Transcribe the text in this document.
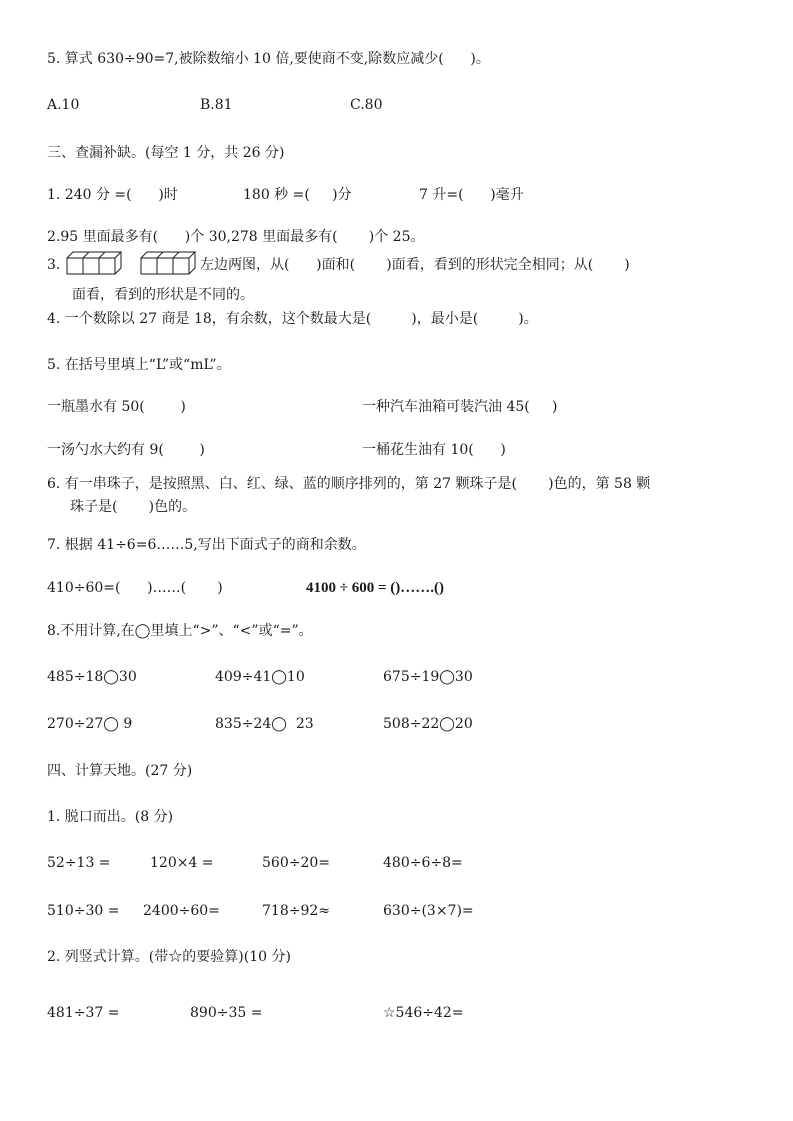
5. 算式 630÷90=7,被除数缩小 10 倍,要使商不变,除数应减少(      )。
A.10	B.81	C.80
三、查漏补缺。(每空 1 分，共 26 分)
1. 240 分 =(      )时	180 秒 =(     )分	7 升=(      )毫升
2.95 里面最多有(      )个 30,278 里面最多有(       )个 25。
3.	左边两图，从(      )面和(       )面看，看到的形状完全相同；从(       )
面看，看到的形状是不同的。
4. 一个数除以 27 商是 18，有余数，这个数最大是(         )，最小是(         )。
5. 在括号里填上“L”或“mL”。
一瓶墨水有 50(        )	一种汽车油箱可装汽油 45(     )
一汤勺水大约有 9(        )	一桶花生油有 10(      )
6. 有一串珠子，是按照黑、白、红、绿、蓝的顺序排列的，第 27 颗珠子是(       )色的，第 58 颗
珠子是(       )色的。
7. 根据 41÷6=6……5,写出下面式子的商和余数。
410÷60=(      )……(       )	4100 ÷ 600 = ()…….()
8.不用计算,在◯里填上“>”、“<”或“=”。
485÷18◯30	409÷41◯10	675÷19◯30
270÷27◯ 9	835÷24◯  23	508÷22◯20
四、计算天地。(27 分)
1. 脱口而出。(8 分)
52÷13 =	120×4 =	560÷20=	480÷6÷8=
510÷30 = 2400÷60=	718÷92≈	630÷(3×7)=
2. 列竖式计算。(带☆的要验算)(10 分)
481÷37 =	890÷35 =	☆546÷42=
